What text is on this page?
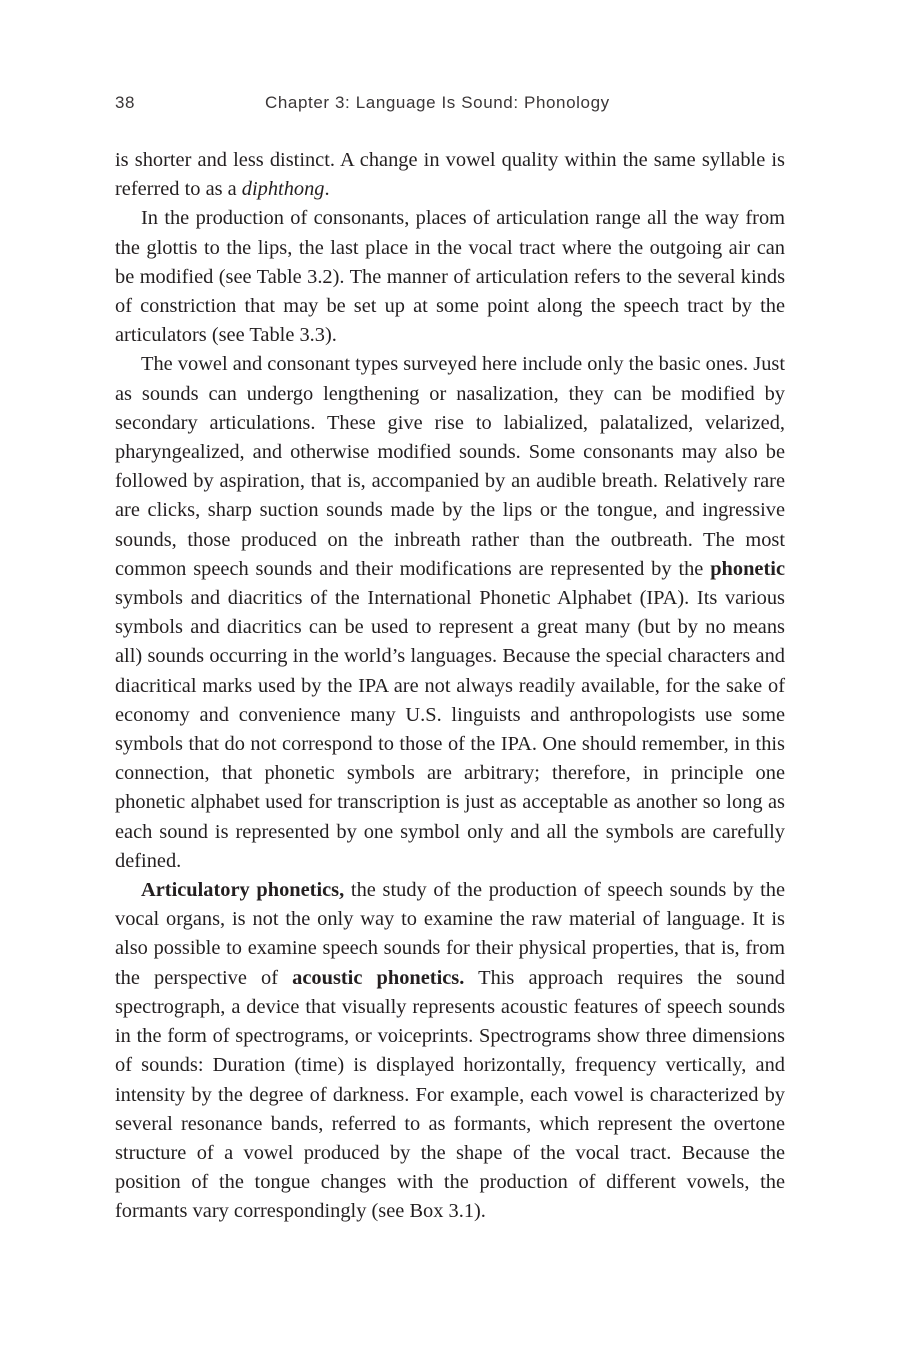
38	Chapter 3: Language Is Sound: Phonology

is shorter and less distinct. A change in vowel quality within the same syllable is referred to as a diphthong.

In the production of consonants, places of articulation range all the way from the glottis to the lips, the last place in the vocal tract where the outgoing air can be modified (see Table 3.2). The manner of articulation refers to the several kinds of constriction that may be set up at some point along the speech tract by the articulators (see Table 3.3).

The vowel and consonant types surveyed here include only the basic ones. Just as sounds can undergo lengthening or nasalization, they can be modified by secondary articulations. These give rise to labialized, palatalized, velarized, pharyngealized, and otherwise modified sounds. Some consonants may also be followed by aspiration, that is, accompanied by an audible breath. Relatively rare are clicks, sharp suction sounds made by the lips or the tongue, and ingressive sounds, those produced on the inbreath rather than the outbreath. The most common speech sounds and their modifications are represented by the phonetic symbols and diacritics of the International Phonetic Alphabet (IPA). Its various symbols and diacritics can be used to represent a great many (but by no means all) sounds occurring in the world’s languages. Because the special characters and diacritical marks used by the IPA are not always readily available, for the sake of economy and convenience many U.S. linguists and anthropologists use some symbols that do not correspond to those of the IPA. One should remember, in this connection, that phonetic symbols are arbitrary; therefore, in principle one phonetic alphabet used for transcription is just as acceptable as another so long as each sound is represented by one symbol only and all the symbols are carefully defined.

Articulatory phonetics, the study of the production of speech sounds by the vocal organs, is not the only way to examine the raw material of language. It is also possible to examine speech sounds for their physical properties, that is, from the perspective of acoustic phonetics. This approach requires the sound spectrograph, a device that visually represents acoustic features of speech sounds in the form of spectrograms, or voiceprints. Spectrograms show three dimensions of sounds: Duration (time) is displayed horizontally, frequency vertically, and intensity by the degree of darkness. For example, each vowel is characterized by several resonance bands, referred to as formants, which represent the overtone structure of a vowel produced by the shape of the vocal tract. Because the position of the tongue changes with the production of different vowels, the formants vary correspondingly (see Box 3.1).
